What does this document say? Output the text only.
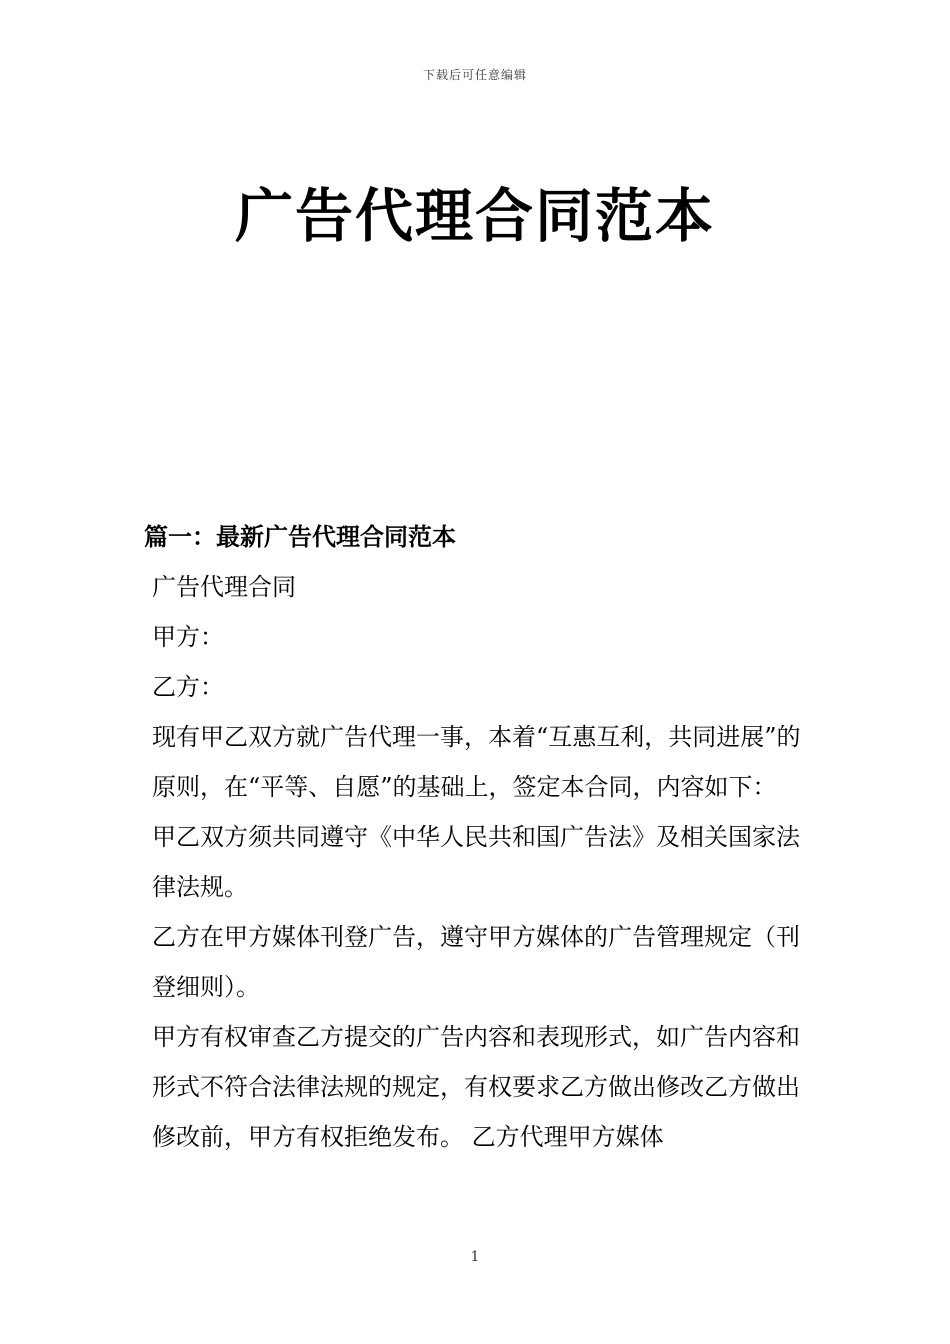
下载后可任意编辑
广告代理合同范本

篇一：最新广告代理合同范本

广告代理合同

甲方：

乙方：

现有甲乙双方就广告代理一事，本着“互惠互利，共同进展”的原则，在“平等、自愿”的基础上，签定本合同，内容如下：

甲乙双方须共同遵守《中华人民共和国广告法》及相关国家法律法规。

乙方在甲方媒体刊登广告，遵守甲方媒体的广告管理规定（刊登细则）。

甲方有权审查乙方提交的广告内容和表现形式，如广告内容和形式不符合法律法规的规定，有权要求乙方做出修改乙方做出修改前，甲方有权拒绝发布。 乙方代理甲方媒体

1
